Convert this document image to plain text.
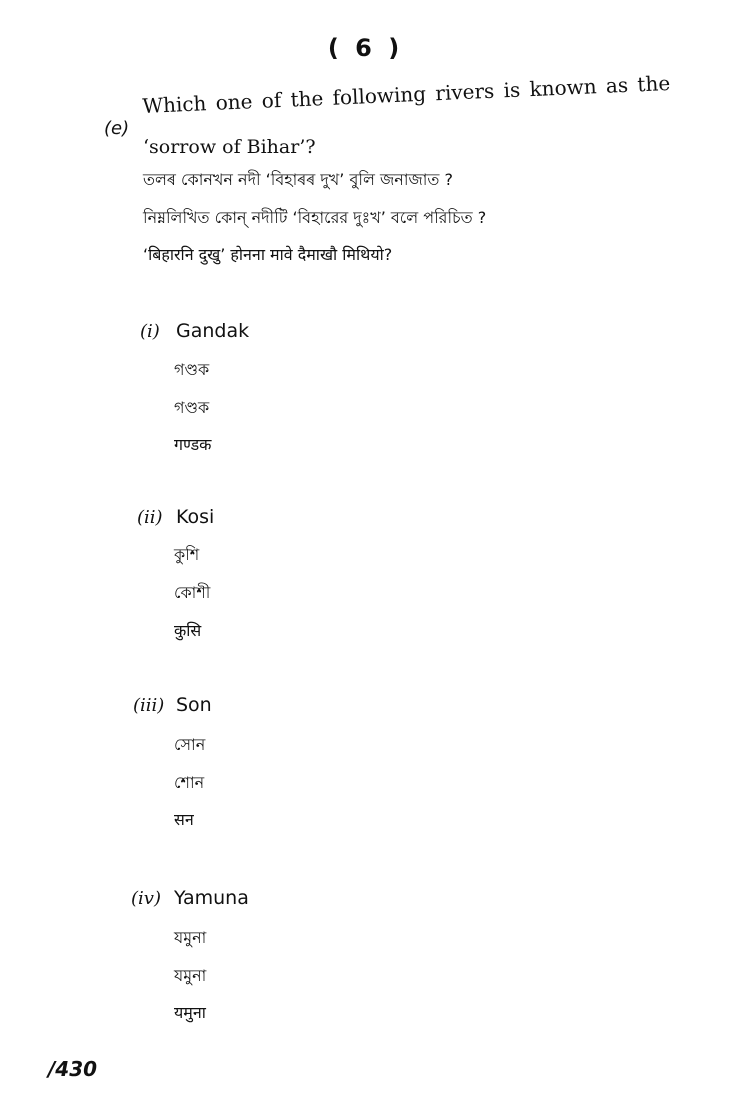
( 6 )
(e)
Which one of the following rivers is known as the
‘sorrow of Bihar’?
তলৰ কোনখন নদী ‘বিহাৰৰ দুখ’ বুলি জনাজাত ?
নিম্নলিখিত কোন্ নদীটি ‘বিহারের দুঃখ’ বলে পরিচিত ?
‘बिहारनि दुखु’ होनना मावे दैमाखौ मिथियो?
(i) Gandak
গণ্ডক
গণ্ডক
गण्डक
(ii) Kosi
কুশি
কোশী
कुसि
(iii) Son
সোন
শোন
सन
(iv) Yamuna
যমুনা
যমুনা
यमुना
/430
